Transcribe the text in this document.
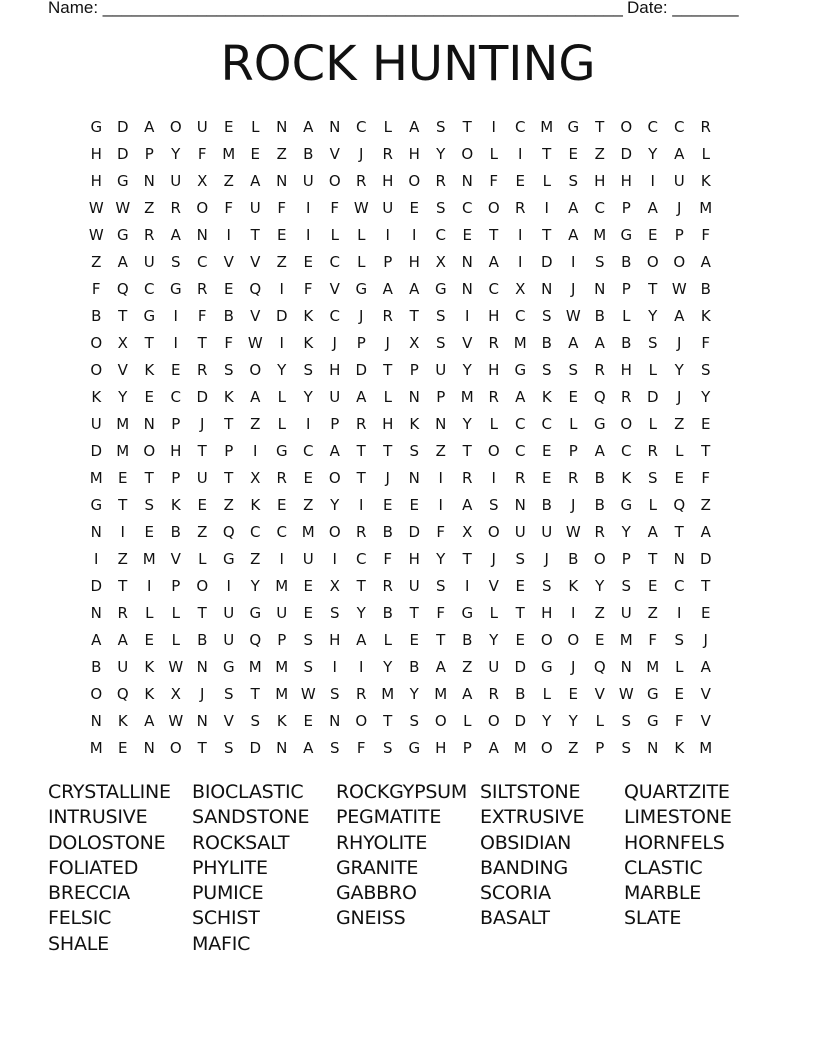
Name: _______________________________________________________ Date: _______
ROCK HUNTING
G D	A	O	U	E	L	N	A	N	C	L	A	S	T	I	C M G	T	O	C	C	R
H	D	P	Y	F	M	E	Z	B	V	J	R	H	Y	O	L	I	T	E	Z	D	Y	A	L
H	G	N	U	X	Z	A	N	U	O	R	H O	R	N	F	E	L	S	H	H	I	U	K
W W Z	R	O	F	U	F	I	F W U	E	S	C	O	R	I	A	C	P	A	J	M
W G	R	A	N	I	T	E	I	L	L	I	I	C	E	T	I	T	A M G	E	P	F
Z	A	U	S	C	V	V	Z	E	C	L	P	H	X	N	A	I	D	I	S	B	O O	A
F	Q	C	G	R	E	Q	I	F	V	G	A	A	G	N	C	X	N	J	N	P	T W B
B	T	G	I	F	B	V	D	K	C	J	R	T	S	I	H	C	S W B	L	Y	A	K
O	X	T	I	T	F W	I	K	J	P	J	X	S	V	R M B	A	A	B	S	J	F
O	V	K	E	R	S	O	Y	S	H	D	T	P	U	Y	H	G	S	S	R	H	L	Y	S
K	Y	E	C	D	K	A	L	Y	U	A	L	N	P	M R	A	K	E	Q	R	D	J	Y
U M N	P	J	T	Z	L	I	P	R	H	K	N	Y	L	C	C	L	G O	L	Z	E
D M O H	T	P	I	G	C	A	T	T	S	Z	T	O	C	E	P	A	C	R	L	T
M	E	T	P	U	T	X	R	E	O	T	J	N	I	R	I	R	E	R	B	K	S	E	F
G	T	S	K	E	Z	K	E	Z	Y	I	E	E	I	A	S	N	B	J	B	G	L	Q	Z
N	I	E	B	Z	Q	C	C M O	R	B	D	F	X	O	U	U W R	Y	A	T	A
I	Z M V	L	G	Z	I	U	I	C	F	H	Y	T	J	S	J	B	O	P	T	N	D
D	T	I	P	O	I	Y	M	E	X	T	R	U	S	I	V	E	S	K	Y	S	E	C	T
N	R	L	L	T	U	G	U	E	S	Y	B	T	F	G	L	T	H	I	Z	U	Z	I	E
A	A	E	L	B	U	Q	P	S	H	A	L	E	T	B	Y	E	O O	E	M	F	S	J
B	U	K W N	G M M	S	I	I	Y	B	A	Z	U	D G	J	Q N M	L	A
O Q	K	X	J	S	T	M W S	R M	Y	M A	R	B	L	E	V W G	E	V
N	K	A W N	V	S	K	E	N O	T	S	O	L	O D	Y	Y	L	S	G	F	V
M	E	N O	T	S	D	N	A	S	F	S	G	H	P	A M O	Z	P	S	N	K	M
CRYSTALLINE	BIOCLASTIC	ROCKGYPSUM SILTSTONE	QUARTZITE
INTRUSIVE	SANDSTONE	PEGMATITE	EXTRUSIVE	LIMESTONE
DOLOSTONE	ROCKSALT	RHYOLITE	OBSIDIAN	HORNFELS
FOLIATED	PHYLITE	GRANITE	BANDING	CLASTIC
BRECCIA	PUMICE	GABBRO	SCORIA	MARBLE
FELSIC	SCHIST	GNEISS	BASALT	SLATE
SHALE	MAFIC
